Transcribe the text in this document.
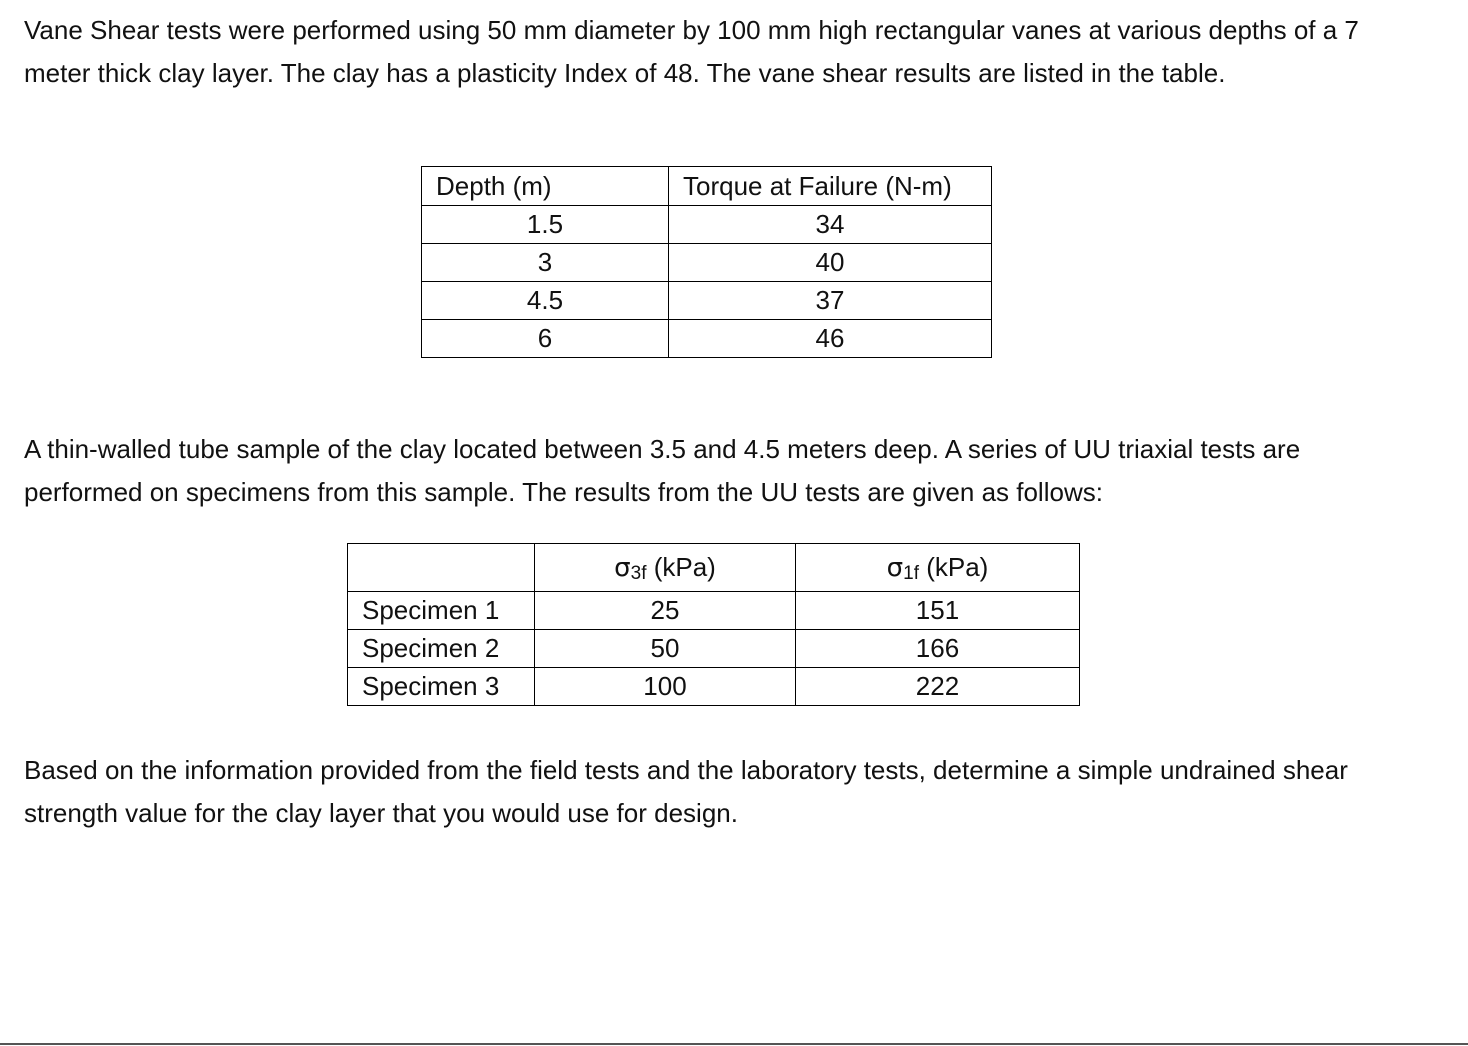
Vane Shear tests were performed using 50 mm diameter by 100 mm high rectangular vanes at various depths of a 7 meter thick clay layer. The clay has a plasticity Index of 48. The vane shear results are listed in the table.

Depth (m)	Torque at Failure (N-m)
1.5	34
3	40
4.5	37
6	46

A thin-walled tube sample of the clay located between 3.5 and 4.5 meters deep. A series of UU triaxial tests are performed on specimens from this sample. The results from the UU tests are given as follows:

	σ3f (kPa)	σ1f (kPa)
Specimen 1	25	151
Specimen 2	50	166
Specimen 3	100	222

Based on the information provided from the field tests and the laboratory tests, determine a simple undrained shear strength value for the clay layer that you would use for design.
